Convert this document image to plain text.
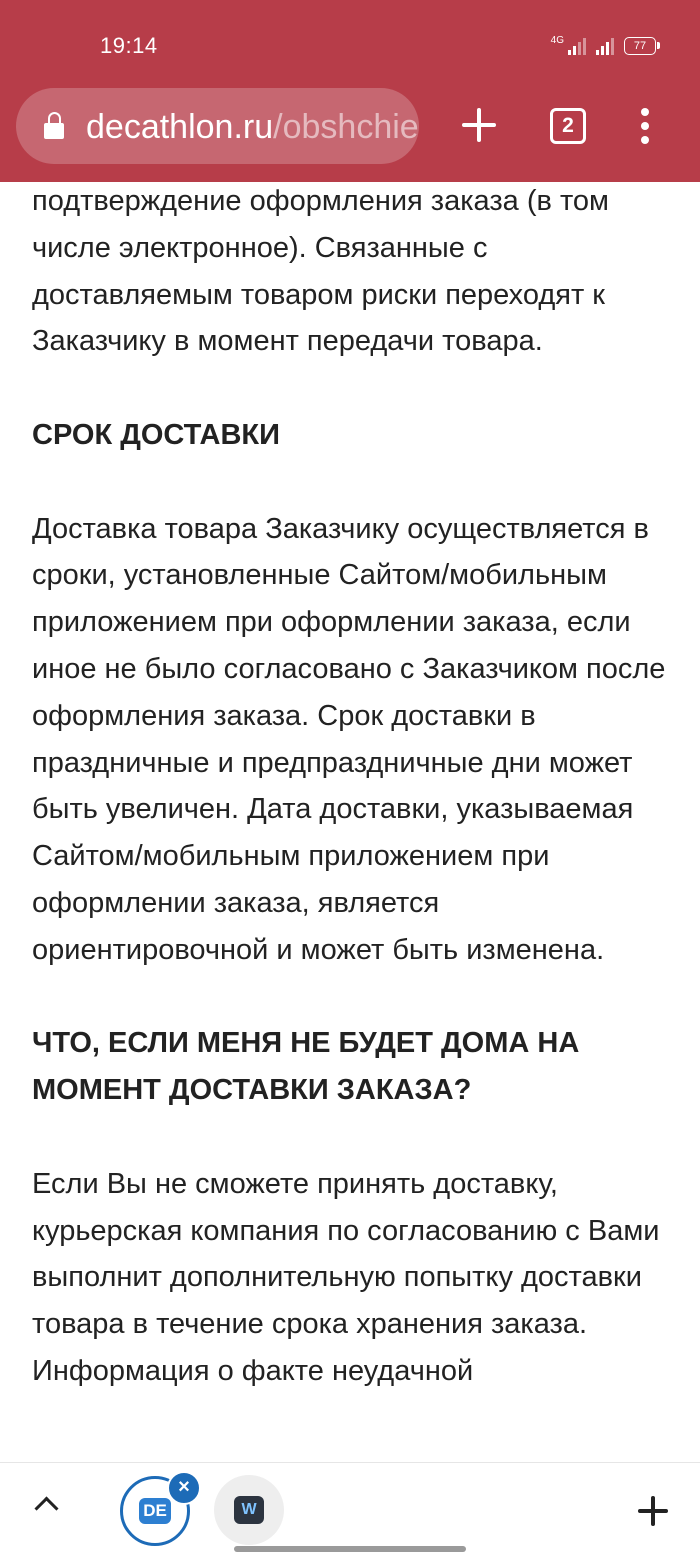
19:14	4G	77
decathlon.ru/obshchie	2

подтверждение оформления заказа (в том числе электронное). Связанные с доставляемым товаром риски переходят к Заказчику в момент передачи товара.

СРОК ДОСТАВКИ

Доставка товара Заказчику осуществляется в сроки, установленные Сайтом/мобильным приложением при оформлении заказа, если иное не было согласовано с Заказчиком после оформления заказа. Срок доставки в праздничные и предпраздничные дни может быть увеличен. Дата доставки, указываемая Сайтом/мобильным приложением при оформлении заказа, является ориентировочной и может быть изменена.

ЧТО, ЕСЛИ МЕНЯ НЕ БУДЕТ ДОМА НА МОМЕНТ ДОСТАВКИ ЗАКАЗА?

Если Вы не сможете принять доставку, курьерская компания по согласованию с Вами выполнит дополнительную попытку доставки товара в течение срока хранения заказа. Информация о факте неудачной

DE
×
W
